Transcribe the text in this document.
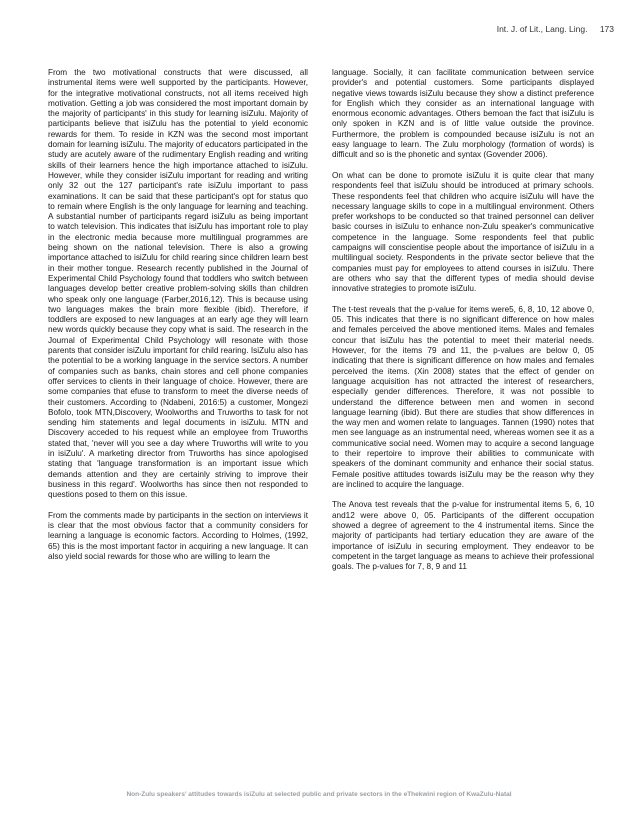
Int. J. of Lit., Lang. Ling. 173

From the two motivational constructs that were discussed, all instrumental items were well supported by the participants. However, for the integrative motivational constructs, not all items received high motivation. Getting a job was considered the most important domain by the majority of participants' in this study for learning isiZulu. Majority of participants believe that isiZulu has the potential to yield economic rewards for them. To reside in KZN was the second most important domain for learning isiZulu. The majority of educators participated in the study are acutely aware of the rudimentary English reading and writing skills of their learners hence the high importance attached to isiZulu. However, while they consider isiZulu important for reading and writing only 32 out the 127 participant's rate isiZulu important to pass examinations. It can be said that these participant's opt for status quo to remain where English is the only language for learning and teaching. A substantial number of participants regard isiZulu as being important to watch television. This indicates that isiZulu has important role to play in the electronic media because more multilingual programmes are being shown on the national television. There is also a growing importance attached to isiZulu for child rearing since children learn best in their mother tongue. Research recently published in the Journal of Experimental Child Psychology found that toddlers who switch between languages develop better creative problem-solving skills than children who speak only one language (Farber,2016,12). This is because using two languages makes the brain more flexible (ibid). Therefore, if toddlers are exposed to new languages at an early age they will learn new words quickly because they copy what is said. The research in the Journal of Experimental Child Psychology will resonate with those parents that consider isiZulu important for child rearing. IsiZulu also has the potential to be a working language in the service sectors. A number of companies such as banks, chain stores and cell phone companies offer services to clients in their language of choice. However, there are some companies that efuse to transform to meet the diverse needs of their customers. According to (Ndabeni, 2016:5) a customer, Mongezi Bofolo, took MTN,Discovery, Woolworths and Truworths to task for not sending him statements and legal documents in isiZulu. MTN and Discovery acceded to his request while an employee from Truworths stated that, 'never will you see a day where Truworths will write to you in isiZulu'. A marketing director from Truworths has since apologised stating that 'language transformation is an important issue which demands attention and they are certainly striving to improve their business in this regard'. Woolworths has since then not responded to questions posed to them on this issue.

From the comments made by participants in the section on interviews it is clear that the most obvious factor that a community considers for learning a language is economic factors. According to Holmes, (1992, 65) this is the most important factor in acquiring a new language. It can also yield social rewards for those who are willing to learn the

language. Socially, it can facilitate communication between service provider's and potential customers. Some participants displayed negative views towards isiZulu because they show a distinct preference for English which they consider as an international language with enormous economic advantages. Others bemoan the fact that isiZulu is only spoken in KZN and is of little value outside the province. Furthermore, the problem is compounded because isiZulu is not an easy language to learn. The Zulu morphology (formation of words) is difficult and so is the phonetic and syntax (Govender 2006).

On what can be done to promote isiZulu it is quite clear that many respondents feel that isiZulu should be introduced at primary schools. These respondents feel that children who acquire isiZulu will have the necessary language skills to cope in a multilingual environment. Others prefer workshops to be conducted so that trained personnel can deliver basic courses in isiZulu to enhance non-Zulu speaker's communicative competence in the language. Some respondents feel that public campaigns will conscientise people about the importance of isiZulu in a multilingual society. Respondents in the private sector believe that the companies must pay for employees to attend courses in isiZulu. There are others who say that the different types of media should devise innovative strategies to promote isiZulu.

The t-test reveals that the p-value for items were5, 6, 8, 10, 12 above 0, 05. This indicates that there is no significant difference on how males and females perceived the above mentioned items. Males and females concur that isiZulu has the potential to meet their material needs. However, for the items 79 and 11, the p-values are below 0, 05 indicating that there is significant difference on how males and females perceived the items. (Xin 2008) states that the effect of gender on language acquisition has not attracted the interest of researchers, especially gender differences. Therefore, it was not possible to understand the difference between men and women in second language learning (ibid). But there are studies that show differences in the way men and women relate to languages. Tannen (1990) notes that men see language as an instrumental need, whereas women see it as a communicative social need. Women may to acquire a second language to their repertoire to improve their abilities to communicate with speakers of the dominant community and enhance their social status. Female positive attitudes towards isiZulu may be the reason why they are inclined to acquire the language.

The Anova test reveals that the p-value for instrumental items 5, 6, 10 and12 were above 0, 05. Participants of the different occupation showed a degree of agreement to the 4 instrumental items. Since the majority of participants had tertiary education they are aware of the importance of isiZulu in securing employment. They endeavor to be competent in the target language as means to achieve their professional goals. The p-values for 7, 8, 9 and 11

Non-Zulu speakers' attitudes towards isiZulu at selected public and private sectors in the eThekwini region of KwaZulu-Natal
